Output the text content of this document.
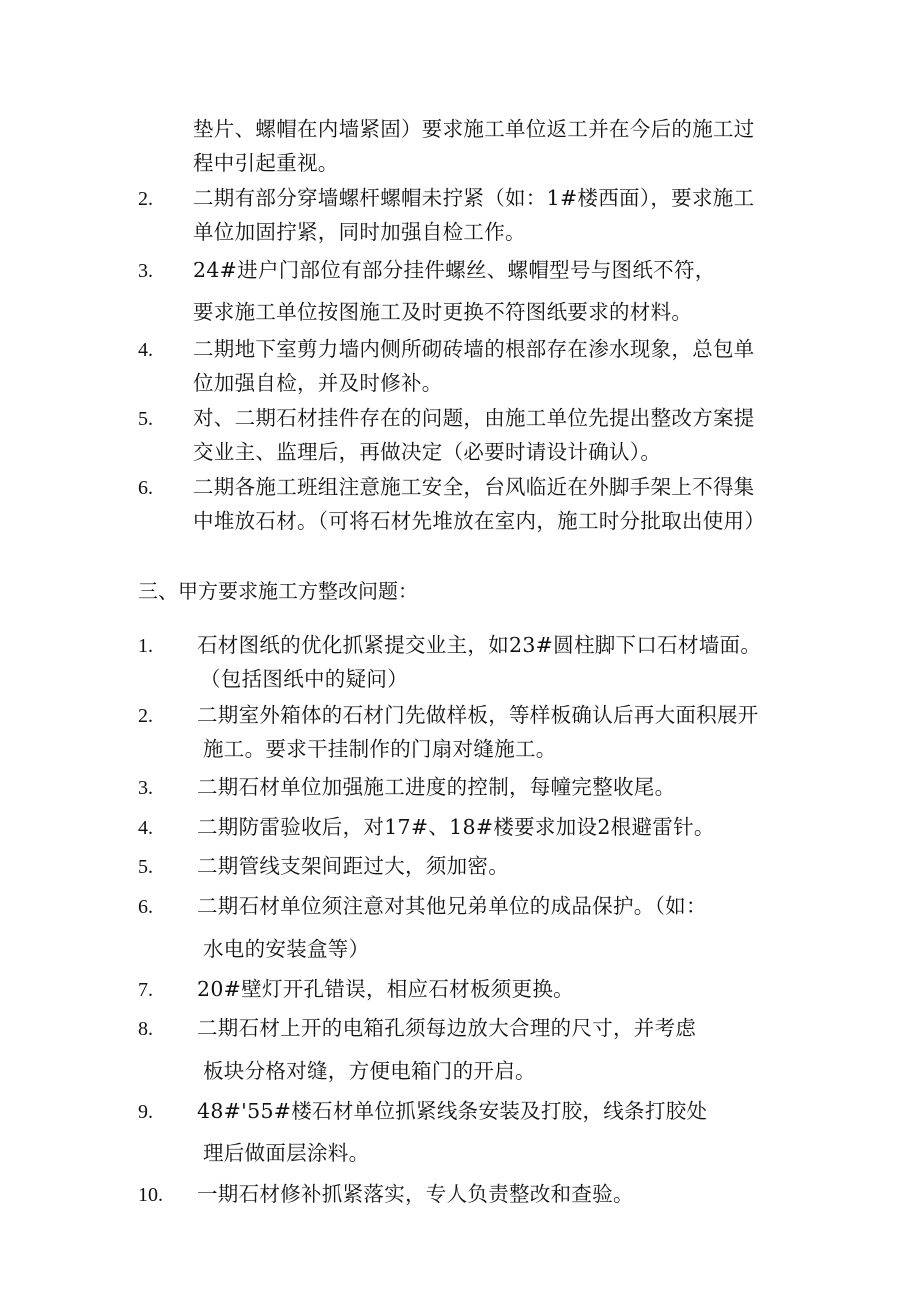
垫片、螺帽在内墙紧固）要求施工单位返工并在今后的施工过
程中引起重视。
2. 二期有部分穿墙螺杆螺帽未拧紧（如：1#楼西面），要求施工
单位加固拧紧，同时加强自检工作。
3. 24#进户门部位有部分挂件螺丝、螺帽型号与图纸不符，
要求施工单位按图施工及时更换不符图纸要求的材料。
4. 二期地下室剪力墙内侧所砌砖墙的根部存在渗水现象，总包单
位加强自检，并及时修补。
5. 对、二期石材挂件存在的问题，由施工单位先提出整改方案提
交业主、监理后，再做决定（必要时请设计确认）。
6. 二期各施工班组注意施工安全，台风临近在外脚手架上不得集
中堆放石材。（可将石材先堆放在室内，施工时分批取出使用）
三、甲方要求施工方整改问题：
1. 石材图纸的优化抓紧提交业主，如23#圆柱脚下口石材墙面。
（包括图纸中的疑问）
2. 二期室外箱体的石材门先做样板，等样板确认后再大面积展开
施工。要求干挂制作的门扇对缝施工。
3. 二期石材单位加强施工进度的控制，每幢完整收尾。
4. 二期防雷验收后，对17#、18#楼要求加设2根避雷针。
5. 二期管线支架间距过大，须加密。
6. 二期石材单位须注意对其他兄弟单位的成品保护。（如：
水电的安装盒等）
7. 20#壁灯开孔错误，相应石材板须更换。
8. 二期石材上开的电箱孔须每边放大合理的尺寸，并考虑
板块分格对缝，方便电箱门的开启。
9. 48#'55#楼石材单位抓紧线条安装及打胶，线条打胶处
理后做面层涂料。
10. 一期石材修补抓紧落实，专人负责整改和查验。
